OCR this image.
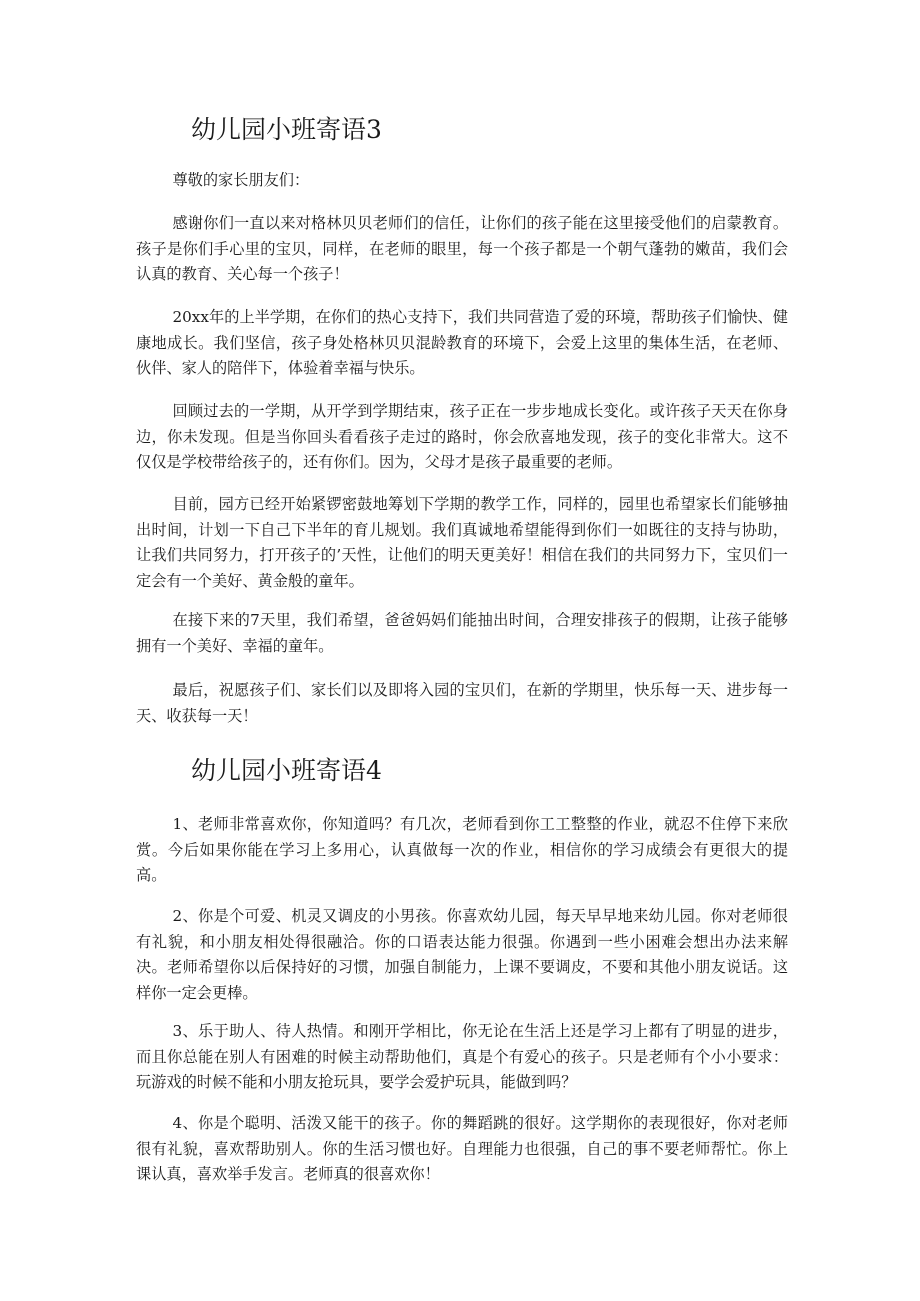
幼儿园小班寄语3

尊敬的家长朋友们：

感谢你们一直以来对格林贝贝老师们的信任，让你们的孩子能在这里接受他们的启蒙教育。孩子是你们手心里的宝贝，同样，在老师的眼里，每一个孩子都是一个朝气蓬勃的嫩苗，我们会认真的教育、关心每一个孩子！

20xx年的上半学期，在你们的热心支持下，我们共同营造了爱的环境，帮助孩子们愉快、健康地成长。我们坚信，孩子身处格林贝贝混龄教育的环境下，会爱上这里的集体生活，在老师、伙伴、家人的陪伴下，体验着幸福与快乐。

回顾过去的一学期，从开学到学期结束，孩子正在一步步地成长变化。或许孩子天天在你身边，你未发现。但是当你回头看看孩子走过的路时，你会欣喜地发现，孩子的变化非常大。这不仅仅是学校带给孩子的，还有你们。因为，父母才是孩子最重要的老师。

目前，园方已经开始紧锣密鼓地筹划下学期的教学工作，同样的，园里也希望家长们能够抽出时间，计划一下自己下半年的育儿规划。我们真诚地希望能得到你们一如既往的支持与协助，让我们共同努力，打开孩子的’天性，让他们的明天更美好！相信在我们的共同努力下，宝贝们一定会有一个美好、黄金般的童年。

在接下来的7天里，我们希望，爸爸妈妈们能抽出时间，合理安排孩子的假期，让孩子能够拥有一个美好、幸福的童年。

最后，祝愿孩子们、家长们以及即将入园的宝贝们，在新的学期里，快乐每一天、进步每一天、收获每一天！

幼儿园小班寄语4

1、老师非常喜欢你，你知道吗？有几次，老师看到你工工整整的作业，就忍不住停下来欣赏。今后如果你能在学习上多用心，认真做每一次的作业，相信你的学习成绩会有更很大的提高。

2、你是个可爱、机灵又调皮的小男孩。你喜欢幼儿园，每天早早地来幼儿园。你对老师很有礼貌，和小朋友相处得很融洽。你的口语表达能力很强。你遇到一些小困难会想出办法来解决。老师希望你以后保持好的习惯，加强自制能力，上课不要调皮，不要和其他小朋友说话。这样你一定会更棒。

3、乐于助人、待人热情。和刚开学相比，你无论在生活上还是学习上都有了明显的进步，而且你总能在别人有困难的时候主动帮助他们，真是个有爱心的孩子。只是老师有个小小要求：玩游戏的时候不能和小朋友抢玩具，要学会爱护玩具，能做到吗？

4、你是个聪明、活泼又能干的孩子。你的舞蹈跳的很好。这学期你的表现很好，你对老师很有礼貌，喜欢帮助别人。你的生活习惯也好。自理能力也很强，自己的事不要老师帮忙。你上课认真，喜欢举手发言。老师真的很喜欢你！
